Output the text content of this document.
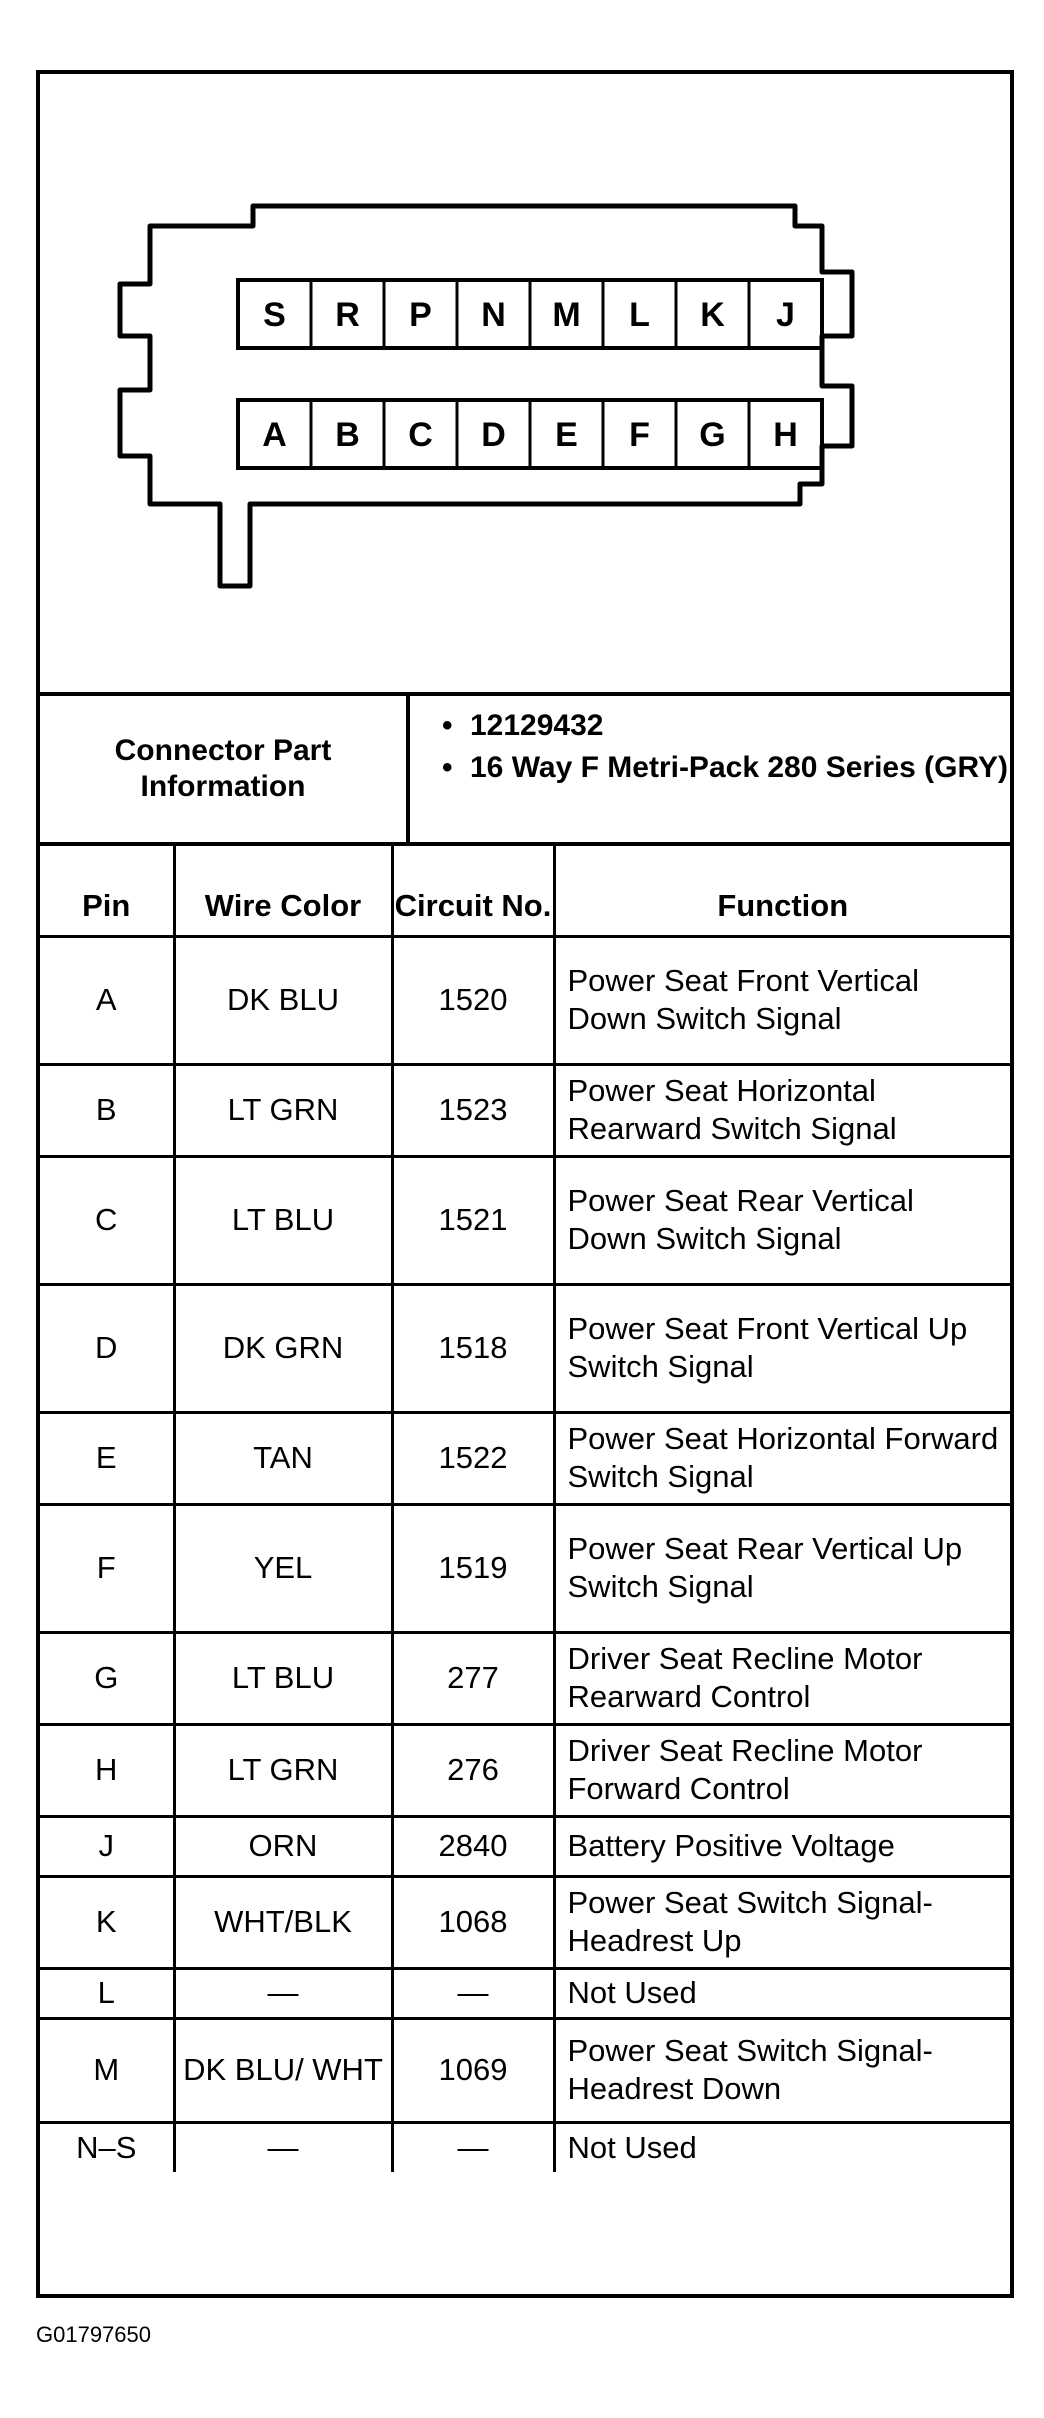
S R P N M L K J
A B C D E F G H
Connector Part Information
• 12129432
• 16 Way F Metri-Pack 280 Series (GRY)
Pin	Wire Color	Circuit No.	Function
A	DK BLU	1520	Power Seat Front Vertical Down Switch Signal
B	LT GRN	1523	Power Seat Horizontal Rearward Switch Signal
C	LT BLU	1521	Power Seat Rear Vertical Down Switch Signal
D	DK GRN	1518	Power Seat Front Vertical Up Switch Signal
E	TAN	1522	Power Seat Horizontal Forward Switch Signal
F	YEL	1519	Power Seat Rear Vertical Up Switch Signal
G	LT BLU	277	Driver Seat Recline Motor Rearward Control
H	LT GRN	276	Driver Seat Recline Motor Forward Control
J	ORN	2840	Battery Positive Voltage
K	WHT/BLK	1068	Power Seat Switch Signal-Headrest Up
L	—	—	Not Used
M	DK BLU/ WHT	1069	Power Seat Switch Signal-Headrest Down
N–S	—	—	Not Used
G01797650
